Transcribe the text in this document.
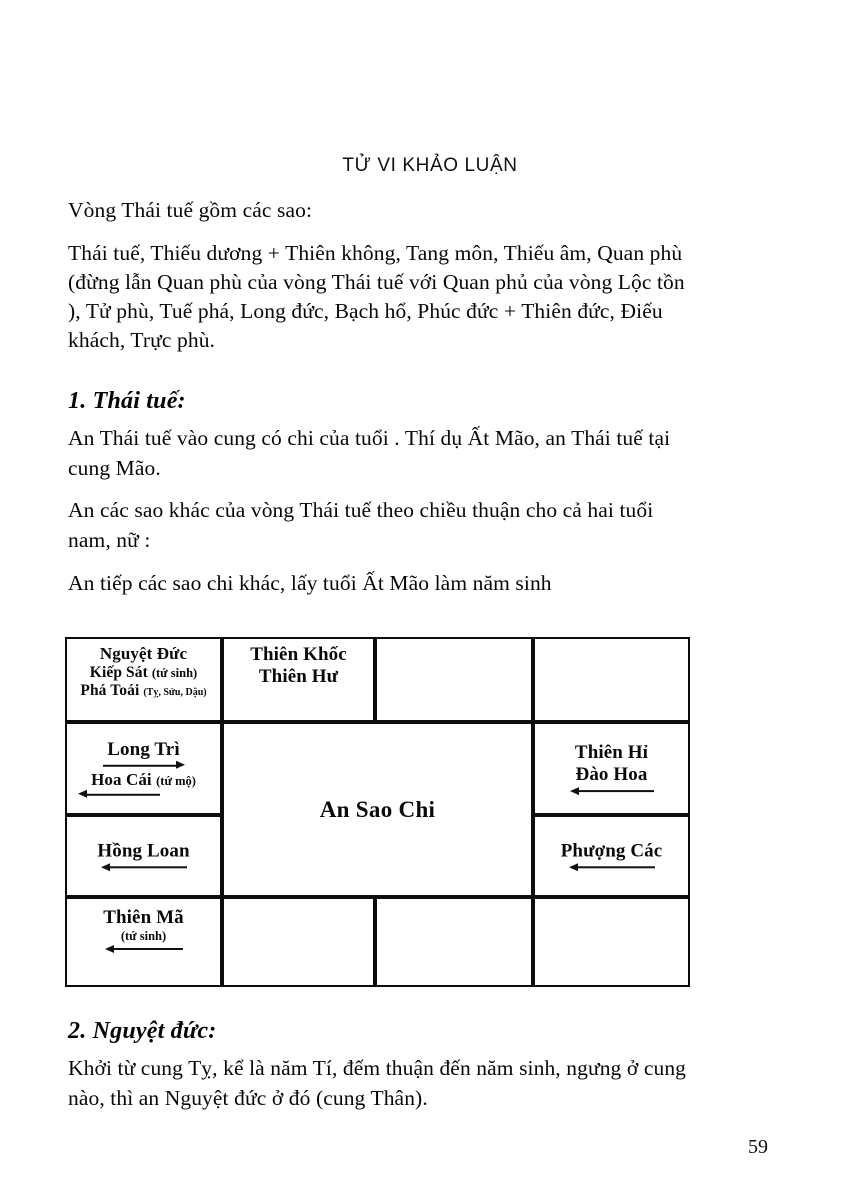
TỬ VI KHẢO LUẬN

Vòng Thái tuế gồm các sao:

Thái tuế, Thiếu dương + Thiên không, Tang môn, Thiếu âm, Quan phù (đừng lẫn Quan phù của vòng Thái tuế với Quan phủ của vòng Lộc tồn ), Tử phù, Tuế phá, Long đức, Bạch hổ, Phúc đức + Thiên đức, Điếu khách, Trực phù.

1. Thái tuế:

An Thái tuế vào cung có chi của tuổi . Thí dụ Ất Mão, an Thái tuế tại cung Mão.

An các sao khác của vòng Thái tuế theo chiều thuận cho cả hai tuổi nam, nữ :

An tiếp các sao chi khác, lấy tuổi Ất Mão làm năm sinh

Nguyệt Đức
Kiếp Sát (tứ sinh)
Phá Toái (Tỵ, Sửu, Dậu)
Thiên Khốc
Thiên Hư
Long Trì
Hoa Cái (tứ mộ)
An Sao Chi
Thiên Hỉ
Đào Hoa
Hồng Loan	Phượng Các
Thiên Mã
(tứ sinh)
2. Nguyệt đức:

Khởi từ cung Tỵ, kể là năm Tí, đếm thuận đến năm sinh, ngưng ở cung nào, thì an Nguyệt đức ở đó (cung Thân).

59
